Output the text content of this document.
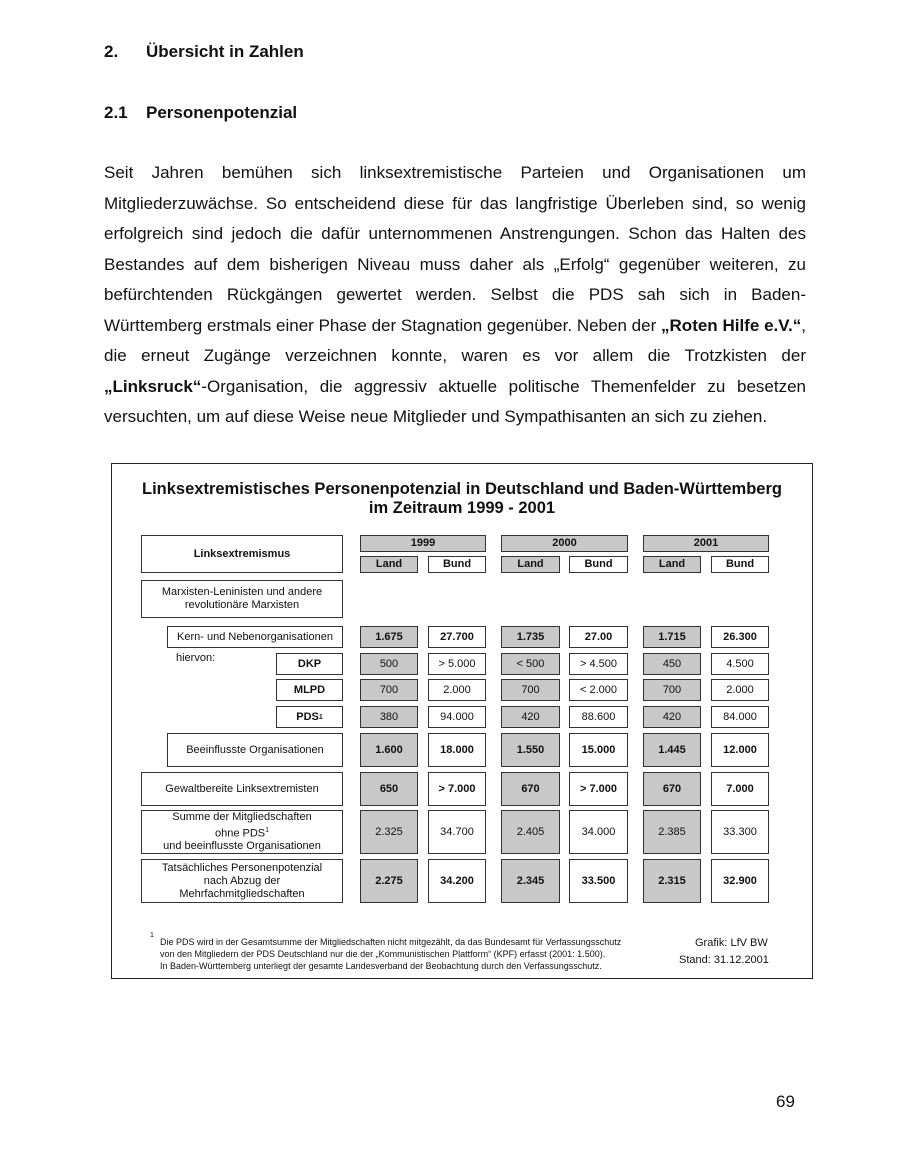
2. Übersicht in Zahlen
2.1 Personenpotenzial

Seit Jahren bemühen sich linksextremistische Parteien und Organisationen um Mitgliederzuwächse. So entscheidend diese für das langfristige Überleben sind, so wenig erfolgreich sind jedoch die dafür unternommenen Anstrengungen. Schon das Halten des Bestandes auf dem bisherigen Niveau muss daher als „Erfolg“ gegenüber weiteren, zu befürchtenden Rückgängen gewertet werden. Selbst die PDS sah sich in Baden-Württemberg erstmals einer Phase der Stagnation gegenüber. Neben der „Roten Hilfe e.V.“, die erneut Zugänge verzeichnen konnte, waren es vor allem die Trotzkisten der „Linksruck“-Organisation, die aggressiv aktuelle politische Themenfelder zu besetzen versuchten, um auf diese Weise neue Mitglieder und Sympathisanten an sich zu ziehen.

Linksextremistisches Personenpotenzial in Deutschland und Baden-Württemberg
im Zeitraum 1999 - 2001
Linksextremismus
1999	2000	2001
Land	Bund	Land	Bund	Land	Bund
Marxisten-Leninisten und andere revolutionäre Marxisten
Kern- und Nebenorganisationen	1.675	27.700	1.735	27.00	1.715	26.300
hiervon:	DKP	500	> 5.000	< 500	> 4.500	450	4.500
MLPD	700	2.000	700	< 2.000	700	2.000
PDS 1	380	94.000	420	88.600	420	84.000
Beeinflusste Organisationen	1.600	18.000	1.550	15.000	1.445	12.000
Gewaltbereite Linksextremisten	650	> 7.000	670	> 7.000	670	7.000
Summe der Mitgliedschaften
ohne PDS$^1$
und beeinflusste Organisationen
2.325	34.700	2.405	34.000	2.385	33.300
Tatsächliches Personenpotenzial
nach Abzug der
Mehrfachmitgliedschaften
2.275	34.200	2.345	33.500	2.315	32.900
1
Die PDS wird in der Gesamtsumme der Mitgliedschaften nicht mitgezählt, da das Bundesamt für Verfassungsschutz
von den Mitgliedern der PDS Deutschland nur die der „Kommunistischen Plattform“ (KPF) erfasst (2001: 1.500).
In Baden-Württemberg unterliegt der gesamte Landesverband der Beobachtung durch den Verfassungsschutz.
Grafik: LfV BW
Stand: 31.12.2001
69
